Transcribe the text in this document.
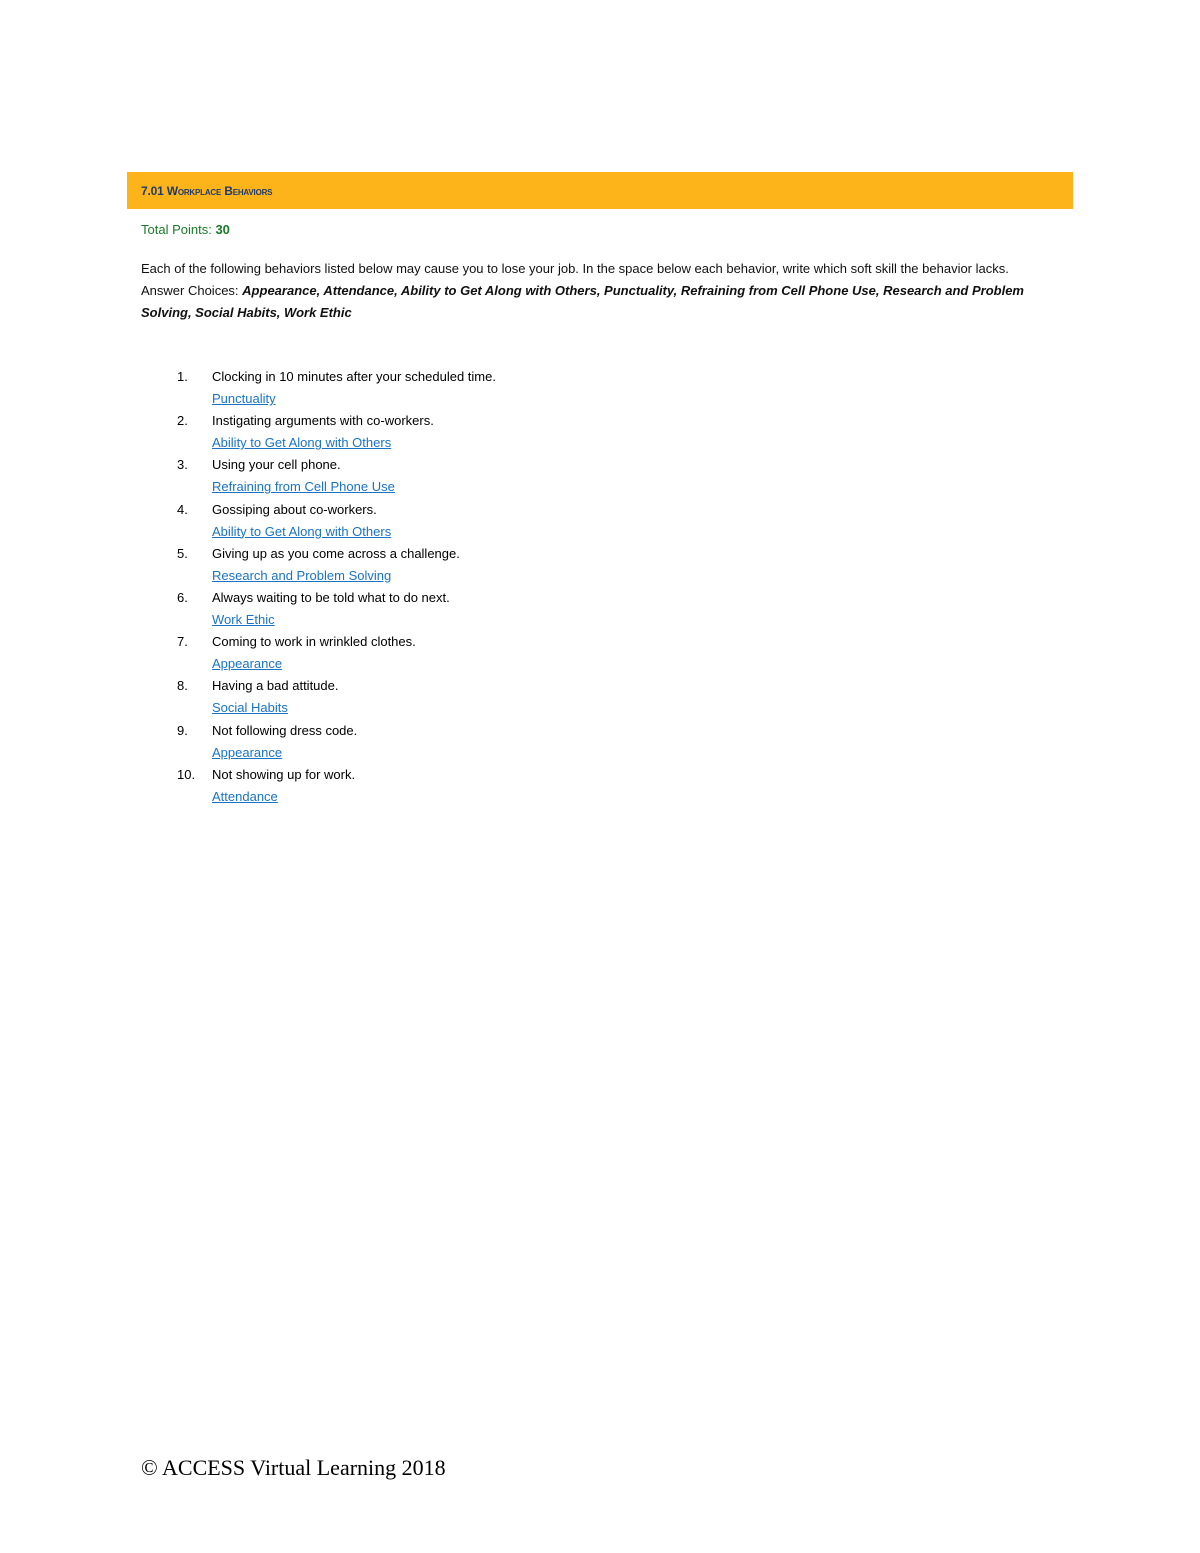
7.01 Workplace Behaviors
Total Points: 30

Each of the following behaviors listed below may cause you to lose your job. In the space below each behavior, write which soft skill the behavior lacks.

Answer Choices: Appearance, Attendance, Ability to Get Along with Others, Punctuality, Refraining from Cell Phone Use, Research and Problem Solving, Social Habits, Work Ethic

1. Clocking in 10 minutes after your scheduled time.
Punctuality
2. Instigating arguments with co-workers.
Ability to Get Along with Others
3. Using your cell phone.
Refraining from Cell Phone Use
4. Gossiping about co-workers.
Ability to Get Along with Others
5. Giving up as you come across a challenge.
Research and Problem Solving
6. Always waiting to be told what to do next.
Work Ethic
7. Coming to work in wrinkled clothes.
Appearance
8. Having a bad attitude.
Social Habits
9. Not following dress code.
Appearance
10. Not showing up for work.
Attendance
© ACCESS Virtual Learning 2018
